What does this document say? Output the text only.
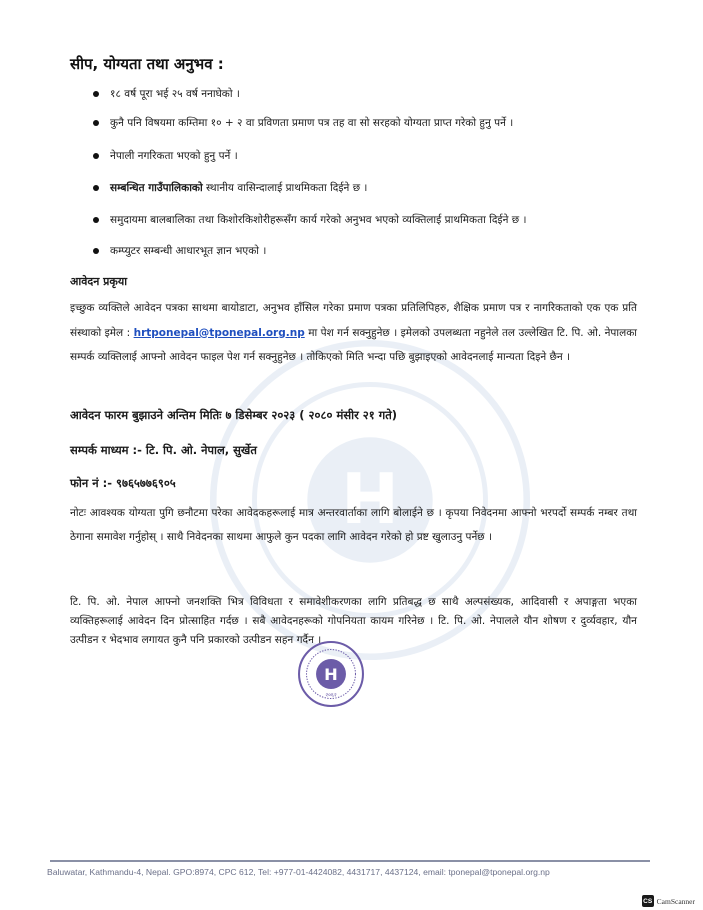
H
सीप, योग्यता तथा अनुभव :
१८ वर्ष पूरा भई २५ वर्ष ननाघेको ।
कुनै पनि विषयमा कम्तिमा १० + २ वा प्रविणता प्रमाण पत्र तह वा सो सरहको योग्यता प्राप्त गरेको हुनु पर्ने ।
नेपाली नगरिकता भएको हुनु पर्ने ।
सम्बन्धित गाउँपालिकाको स्थानीय वासिन्दालाई प्राथमिकता दिईने छ ।
समुदायमा बालबालिका तथा किशोरकिशोरीहरूसँग कार्य गरेको अनुभव भएको व्यक्तिलाई प्राथमिकता दिईने छ ।
कम्प्युटर सम्बन्धी आधारभूत ज्ञान भएको ।
आवेदन प्रकृया
इच्छुक व्यक्तिले आवेदन पत्रका साथमा बायोडाटा, अनुभव हाँसिल गरेका प्रमाण पत्रका प्रतिलिपिहरु, शैक्षिक प्रमाण पत्र र नागरिकताको एक एक प्रति संस्थाको इमेल : hrtponepal@tponepal.org.np मा पेश गर्न सक्नुहुनेछ । इमेलको उपलब्धता नहुनेले तल उल्लेखित टि. पि. ओ. नेपालका सम्पर्क व्यक्तिलाई आफ्नो आवेदन फाइल पेश गर्न सक्नुहुनेछ । तोकिएको मिति भन्दा पछि बुझाइएको आवेदनलाई मान्यता दिइने छैन ।
आवेदन फारम बुझाउने अन्तिम मितिः ७ डिसेम्बर २०२३ ( २०८० मंसीर २१ गते)
सम्पर्क माध्यम :- टि. पि. ओ. नेपाल, सुर्खेत
फोन नं :- ९७६५७७६९०५
नोटः आवश्यक योग्यता पुगि छनौटमा परेका आवेदकहरूलाई मात्र अन्तरवार्ताका लागि बोलाईने छ । कृपया निवेदनमा आफ्नो भरपर्दो सम्पर्क नम्बर तथा ठेगाना समावेश गर्नुहोस् । साथै निवेदनका साथमा आफुले कुन पदका लागि आवेदन गरेको हो प्रष्ट खुलाउनु पर्नेछ ।
टि. पि. ओ. नेपाल आफ्नो जनशक्ति भित्र विविधता र समावेशीकरणका लागि प्रतिबद्ध छ साथै अल्पसंख्यक, आदिवासी र अपाङ्गता भएका व्यक्तिहरूलाई आवेदन दिन प्रोत्साहित गर्दछ । सबै आवेदनहरूको गोपनियता कायम गरिनेछ । टि. पि. ओ. नेपालले यौन शोषण र दुर्व्यवहार, यौन उत्पीडन र भेदभाव लगायत कुनै पनि प्रकारको उत्पीडन सहन गर्दैन ।
H
२०६२
Baluwatar, Kathmandu-4, Nepal. GPO:8974, CPC 612, Tel: +977-01-4424082, 4431717, 4437124, email: tponepal@tponepal.org.np
CS CamScanner
